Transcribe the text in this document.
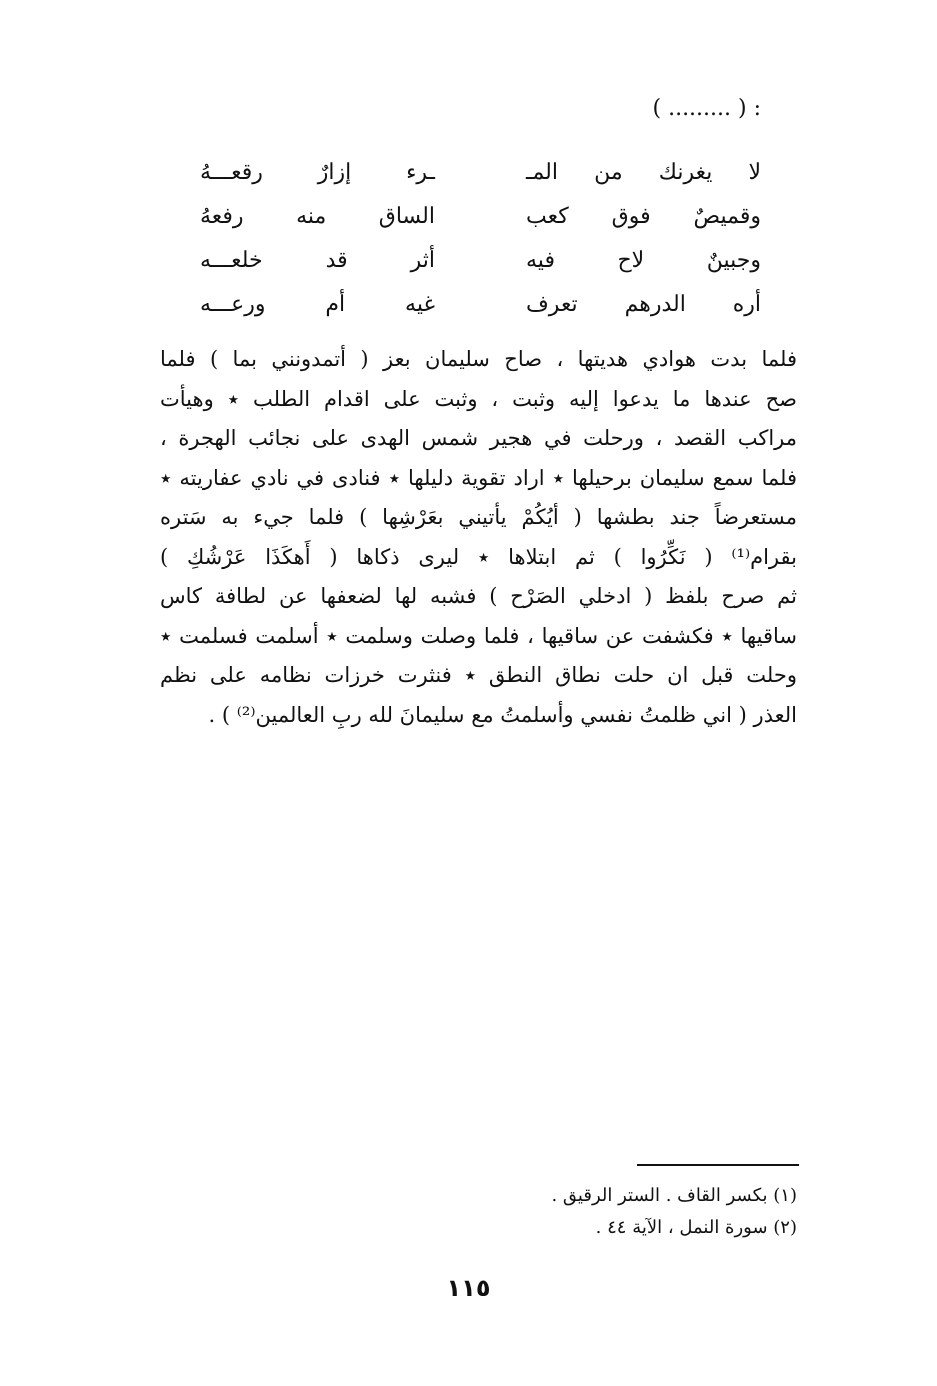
: ( ......... )
لا
يغرنك
من
المـ
ـرء
إزارٌ
رقعـــهُ
وقميصٌ
فوق
كعب
الساق
منه
رفعهُ
وجبينٌ
لاح
فيه
أثر
قد
خلعـــه
أره
الدرهم
تعرف
غيه
أم
ورعـــه
فلما بدت هوادي هديتها ، صاح سليمان بعز ( أتمدونني بما ) فلما
صح عندها ما يدعوا إليه وثبت ، وثبت على اقدام الطلب ٭ وهيأت
مراكب القصد ، ورحلت في هجير شمس الهدى على نجائب الهجرة ،
فلما سمع سليمان برحيلها ٭ اراد تقوية دليلها ٭ فنادى في نادي عفاريته ٭
مستعرضاً جند بطشها ( أيُكُمْ يأتيني بعَرْشِها ) فلما جيء به سَتره
بقرام⁽¹⁾ ( نَكِّرُوا ) ثم ابتلاها ٭ ليرى ذكاها ( أَهكَذَا عَرْشُكِ )
ثم صرح بلفظ ( ادخلي الصَرْح ) فشبه لها لضعفها عن لطافة كاس
ساقيها ٭ فكشفت عن ساقيها ، فلما وصلت وسلمت ٭ أسلمت فسلمت ٭
وحلت قبل ان حلت نطاق النطق ٭ فنثرت خرزات نظامه على نظم
العذر ( اني ظلمتُ نفسي وأسلمتُ مع سليمانَ لله ربِ العالمين⁽²⁾ ) .
(١) بكسر القاف . الستر الرقيق .
(٢) سورة النمل ، الآية ٤٤ .
١١٥
